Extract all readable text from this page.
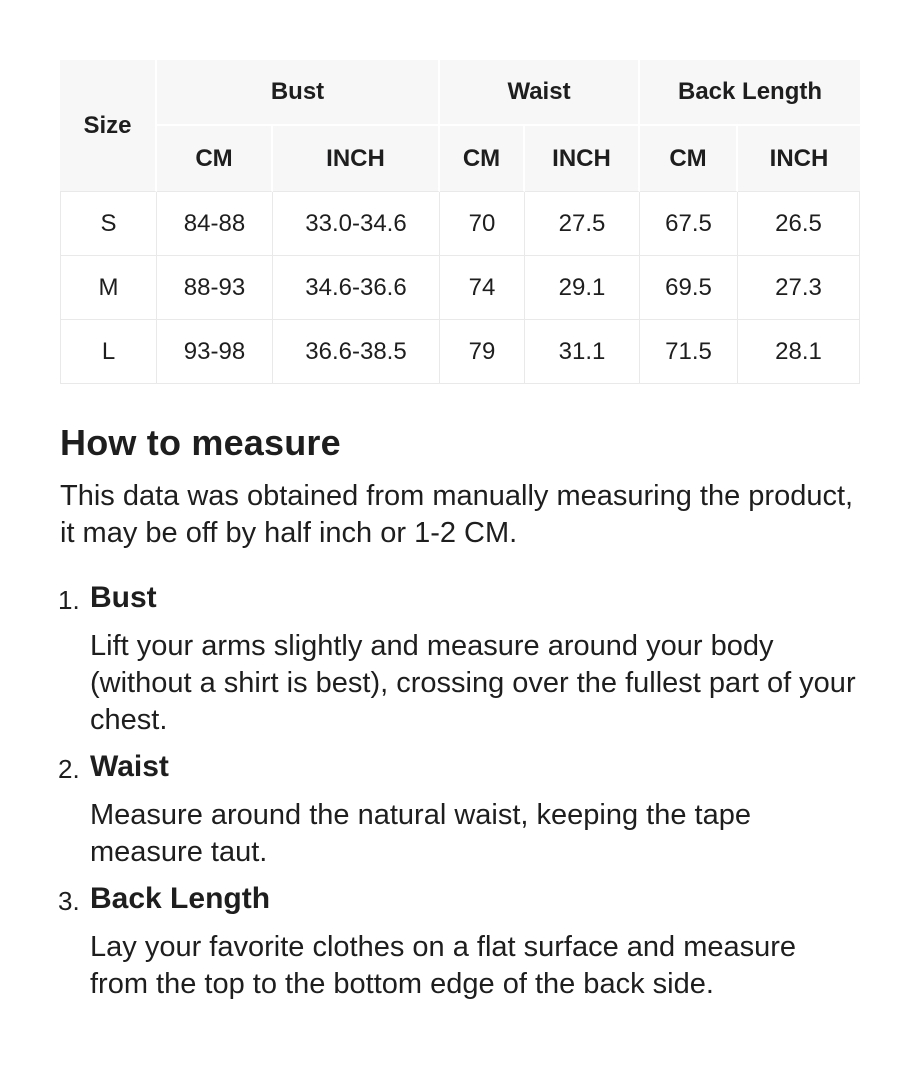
Size	Bust		Waist		Back Length	
	CM	INCH	CM	INCH	CM	INCH
S	84-88	33.0-34.6	70	27.5	67.5	26.5
M	88-93	34.6-36.6	74	29.1	69.5	27.3
L	93-98	36.6-38.5	79	31.1	71.5	28.1
How to measure

This data was obtained from manually measuring the product, it may be off by half inch or 1-2 CM.

1. Bust

Lift your arms slightly and measure around your body (without a shirt is best), crossing over the fullest part of your chest.

2. Waist

Measure around the natural waist, keeping the tape measure taut.

3. Back Length

Lay your favorite clothes on a flat surface and measure from the top to the bottom edge of the back side.
